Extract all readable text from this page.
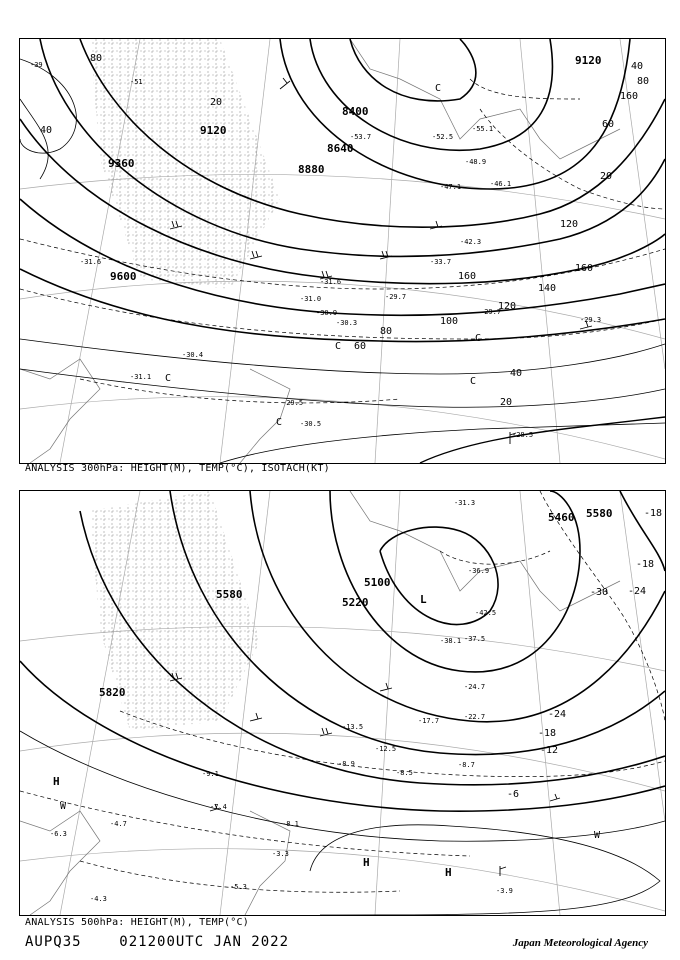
9120
9360
9600
8400
8640
8880
9120
80
40
20
80
60
40
20
160
160
140
120
100
80
60
40
20
120
160
-39
-51
-53.7
-55.1
-52.5
-48.9
-46.1
-47.1
-42.3
-33.7
-31.6
-29.7
-31.6
-31.0
-30.9
-30.3
-30.4
-31.1
-29.5
-30.5
-28.5
-29.3
-29.7
C
C
C
C
C
C
ANALYSIS 300hPa: HEIGHT(M), TEMP(°C), ISOTACH(KT)
5460 5580
5580
5220
5100
5820
-18
-18
-24
-30
-24
-18
-12
-6
-36.9
-42.5
-38.1 -37.5
-31.3
-24.7
-22.7
-17.7
-13.5
-12.5
-8.9
-8.5
-8.7
-9.1
-7.4
-4.7
-6.3
-5.3
-4.3
-3.9
-8.1
-3.3
H
H
H
L
W
W
ANALYSIS 500hPa: HEIGHT(M), TEMP(°C)
AUPQ35	021200UTC JAN 2022	Japan Meteorological Agency
